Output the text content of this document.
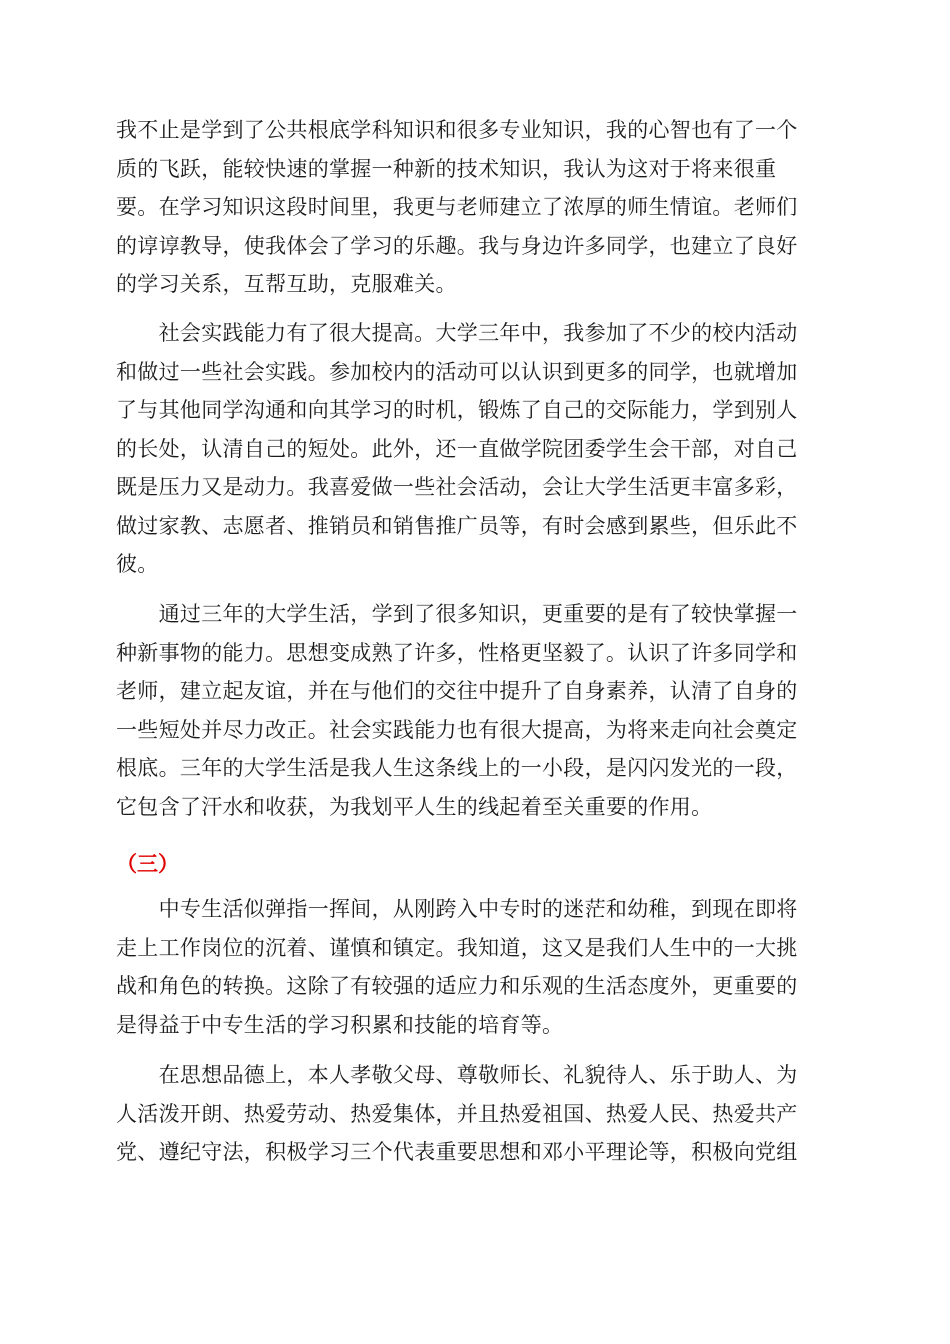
我不止是学到了公共根底学科知识和很多专业知识，我的心智也有了一个
质的飞跃，能较快速的掌握一种新的技术知识，我认为这对于将来很重
要。在学习知识这段时间里，我更与老师建立了浓厚的师生情谊。老师们
的谆谆教导，使我体会了学习的乐趣。我与身边许多同学，也建立了良好
的学习关系，互帮互助，克服难关。
　　社会实践能力有了很大提高。大学三年中，我参加了不少的校内活动
和做过一些社会实践。参加校内的活动可以认识到更多的同学，也就增加
了与其他同学沟通和向其学习的时机，锻炼了自己的交际能力，学到别人
的长处，认清自己的短处。此外，还一直做学院团委学生会干部，对自己
既是压力又是动力。我喜爱做一些社会活动，会让大学生活更丰富多彩，
做过家教、志愿者、推销员和销售推广员等，有时会感到累些，但乐此不
彼。
　　通过三年的大学生活，学到了很多知识，更重要的是有了较快掌握一
种新事物的能力。思想变成熟了许多，性格更坚毅了。认识了许多同学和
老师，建立起友谊，并在与他们的交往中提升了自身素养，认清了自身的
一些短处并尽力改正。社会实践能力也有很大提高，为将来走向社会奠定
根底。三年的大学生活是我人生这条线上的一小段，是闪闪发光的一段，
它包含了汗水和收获，为我划平人生的线起着至关重要的作用。
（三）
　　中专生活似弹指一挥间，从刚跨入中专时的迷茫和幼稚，到现在即将
走上工作岗位的沉着、谨慎和镇定。我知道，这又是我们人生中的一大挑
战和角色的转换。这除了有较强的适应力和乐观的生活态度外，更重要的
是得益于中专生活的学习积累和技能的培育等。
　　在思想品德上，本人孝敬父母、尊敬师长、礼貌待人、乐于助人、为
人活泼开朗、热爱劳动、热爱集体，并且热爱祖国、热爱人民、热爱共产
党、遵纪守法，积极学习三个代表重要思想和邓小平理论等，积极向党组
